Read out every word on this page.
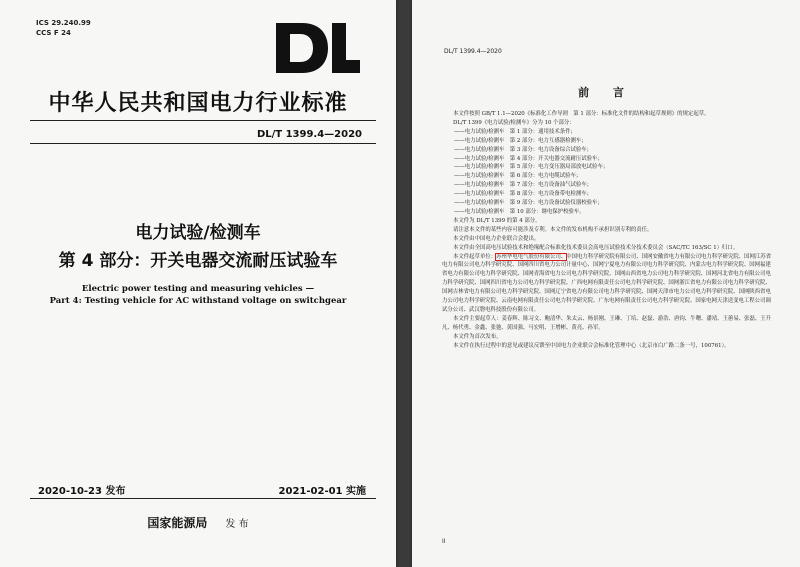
ICS 29.240.99
CCS F 24
中华人民共和国电力行业标准
DL/T 1399.4—2020
电力试验/检测车
第 4 部分：开关电器交流耐压试验车
Electric power testing and measuring vehicles —
Part 4: Testing vehicle for AC withstand voltage on switchgear
2020-10-23 发布	2021-02-01 实施
国家能源局 发 布
DL/T 1399.4—2020
前 言

本文件按照 GB/T 1.1—2020《标准化工作导则　第 1 部分：标准化文件的结构和起草规则》的规定起草。

DL/T 1399《电力试验/检测车》分为 10 个部分：

——电力试验/检测车　第 1 部分：通用技术条件；

——电力试验/检测车　第 2 部分：电力互感器检测车；

——电力试验/检测车　第 3 部分：电力设备综合试验车；

——电力试验/检测车　第 4 部分：开关电器交流耐压试验车；

——电力试验/检测车　第 5 部分：电力变压器局部放电试验车；

——电力试验/检测车　第 6 部分：电力电缆试验车；

——电力试验/检测车　第 7 部分：电力设备油气试验车；

——电力试验/检测车　第 8 部分：电力设备带电检测车；

——电力试验/检测车　第 9 部分：电力设备试验仪器校验车；

——电力试验/检测车　第 10 部分：继电保护校验车。

本文件为 DL/T 1399 的第 4 部分。

请注意本文件的某些内容可能涉及专利。本文件的发布机构不承担识别专利的责任。

本文件由中国电力企业联合会提出。

本文件由全国高电压试验技术和绝缘配合标准化技术委员会高电压试验技术分技术委员会（SAC/TC 163/SC 1）归口。

本文件起草单位：苏州华电电气股份有限公司、中国电力科学研究院有限公司、国网安徽省电力有限公司电力科学研究院、国网江苏省电力有限公司电力科学研究院、国网四川省电力公司计量中心、国网宁夏电力有限公司电力科学研究院、内蒙古电力科学研究院、国网福建省电力有限公司电力科学研究院、国网青海省电力公司电力科学研究院、国网山西省电力公司电力科学研究院、国网河北省电力有限公司电力科学研究院、国网四川省电力公司电力科学研究院、广西电网有限责任公司电力科学研究院、国网浙江省电力有限公司电力科学研究院、国网吉林省电力有限公司电力科学研究院、国网辽宁省电力有限公司电力科学研究院、国网天津市电力公司电力科学研究院、国网陕西省电力公司电力科学研究院、云南电网有限责任公司电力科学研究院、广东电网有限责任公司电力科学研究院、国家电网天津送变电工程公司调试分公司、武汉磐电科技股份有限公司。

本文件主要起草人：姜春辉、陈习文、鲍清华、朱太云、杨景刚、王琳、丁培、赵磊、游浩、唐钧、牛曙、潘靖、王蕙易、张磊、王升凡、杨代勇、金鑫、张弛、黄国强、马宏明、王增彬、黄亮、孙军。

本文件为首次发布。

本文件在执行过程中的意见或建议反馈至中国电力企业联合会标准化管理中心（北京市白广路二条一号，100761）。

II
